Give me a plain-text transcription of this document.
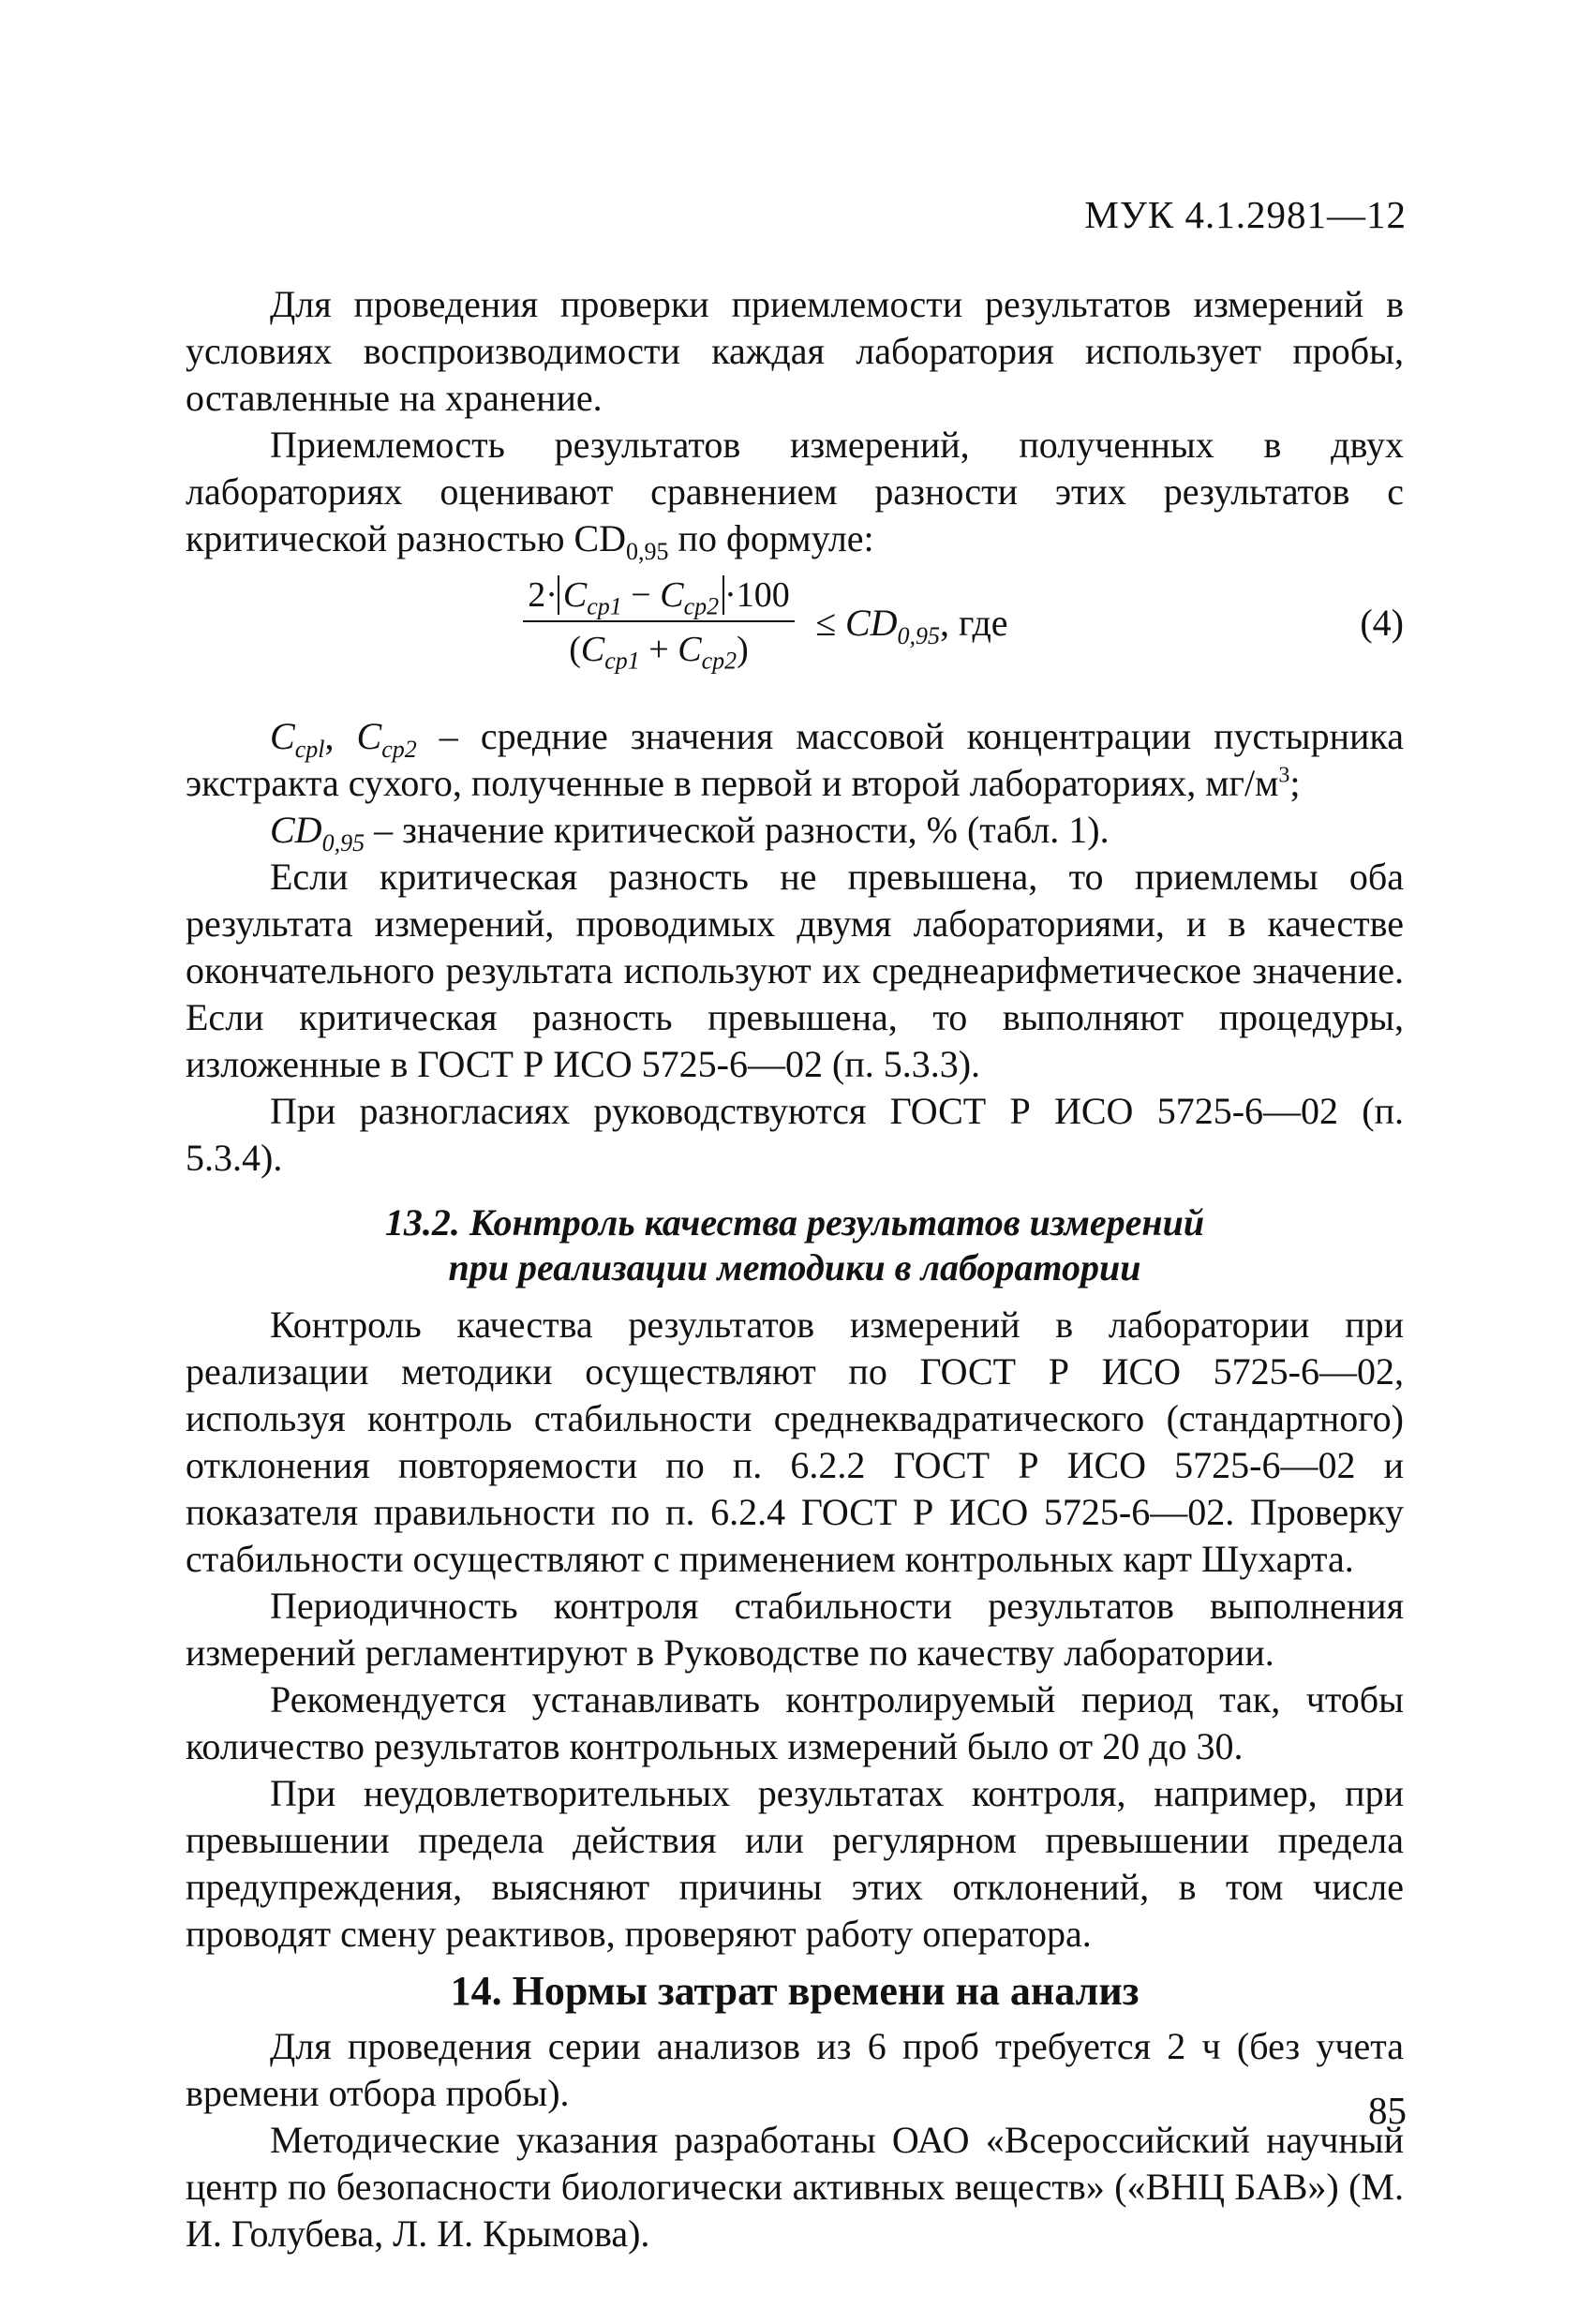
МУК 4.1.2981—12

Для проведения проверки приемлемости результатов измерений в условиях воспроизводимости каждая лаборатория использует пробы, оставленные на хранение.

Приемлемость результатов измерений, полученных в двух лабораториях оценивают сравнением разности этих результатов с критической разностью $CD_{0,95}$ по формуле:

$2\cdot C_{ср1} - C_{ср2} \cdot 100$
$(C_{ср1} + C_{ср2})$
≤ $CD_{0,95}$, где	(4)

$C_{срl}$, $C_{ср2}$ – средние значения массовой концентрации пустырника экстракта сухого, полученные в первой и второй лабораториях, $мг/м^3$;

$CD_{0,95}$ – значение критической разности, % (табл. 1).

Если критическая разность не превышена, то приемлемы оба результата измерений, проводимых двумя лабораториями, и в качестве окончательного результата используют их среднеарифметическое значение. Если критическая разность превышена, то выполняют процедуры, изложенные в ГОСТ Р ИСО 5725-6—02 (п. 5.3.3).

При разногласиях руководствуются ГОСТ Р ИСО 5725-6—02 (п. 5.3.4).

13.2. Контроль качества результатов измерений
при реализации методики в лаборатории

Контроль качества результатов измерений в лаборатории при реализации методики осуществляют по ГОСТ Р ИСО 5725-6—02, используя контроль стабильности среднеквадратического (стандартного) отклонения повторяемости по п. 6.2.2 ГОСТ Р ИСО 5725-6—02 и показателя правильности по п. 6.2.4 ГОСТ Р ИСО 5725-6—02. Проверку стабильности осуществляют с применением контрольных карт Шухарта.

Периодичность контроля стабильности результатов выполнения измерений регламентируют в Руководстве по качеству лаборатории.

Рекомендуется устанавливать контролируемый период так, чтобы количество результатов контрольных измерений было от 20 до 30.

При неудовлетворительных результатах контроля, например, при превышении предела действия или регулярном превышении предела предупреждения, выясняют причины этих отклонений, в том числе проводят смену реактивов, проверяют работу оператора.

14. Нормы затрат времени на анализ

Для проведения серии анализов из 6 проб требуется 2 ч (без учета времени отбора пробы).

Методические указания разработаны ОАО «Всероссийский научный центр по безопасности биологически активных веществ» («ВНЦ БАВ») (М. И. Голубева, Л. И. Крымова).

85
